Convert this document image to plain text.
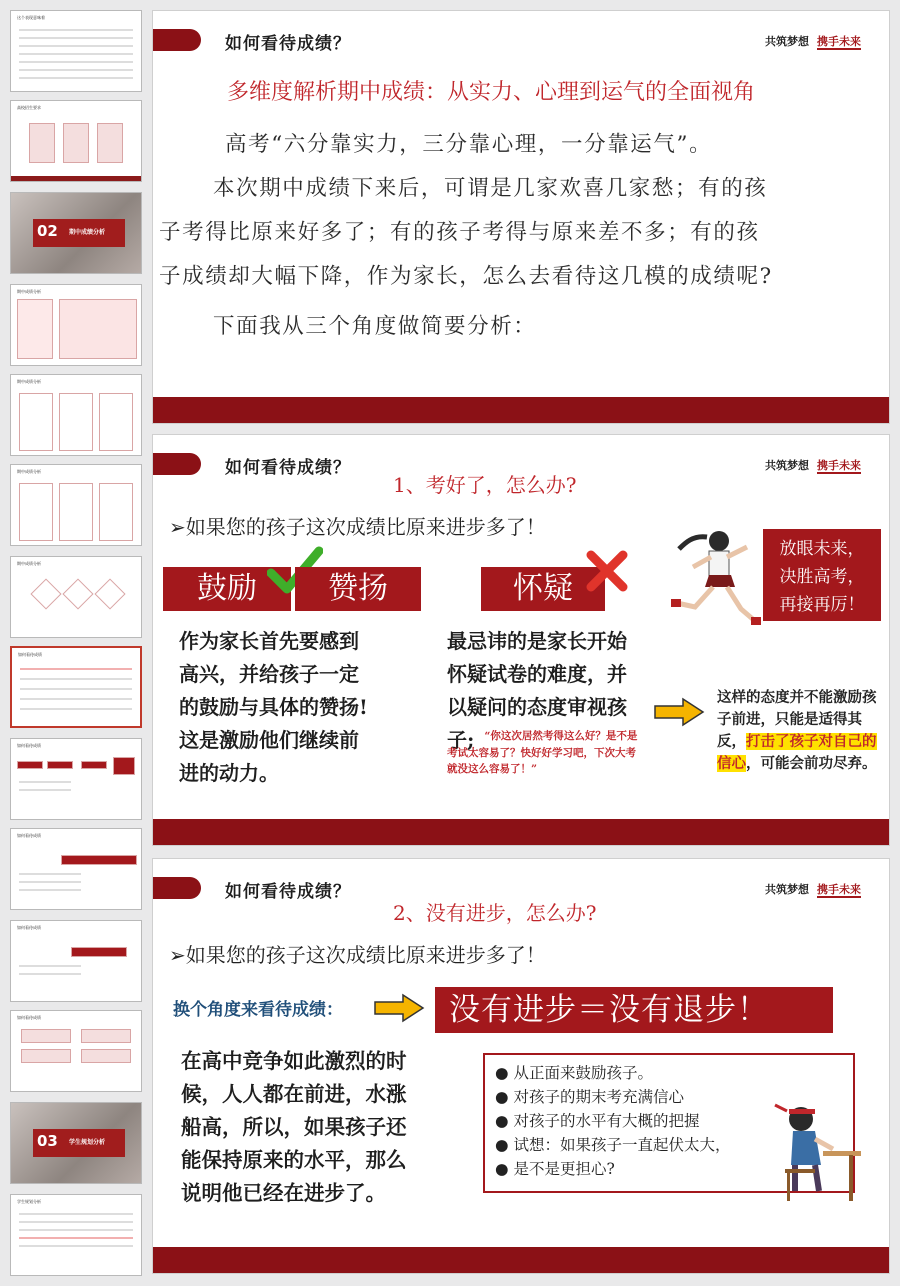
这个表现意味着
高校招生要求
02 期中成绩分析
期中成绩分析
期中成绩分析
期中成绩分析
期中成绩分析
如何看待成绩
如何看待成绩
如何看待成绩
如何看待成绩
如何看待成绩
03 学生规划分析
学生规划分析
如何看待成绩？	共筑梦想 携手未来
多维度解析期中成绩：从实力、心理到运气的全面视角
高考“六分靠实力，三分靠心理，一分靠运气”。
本次期中成绩下来后，可谓是几家欢喜几家愁；有的孩
子考得比原来好多了；有的孩子考得与原来差不多；有的孩
子成绩却大幅下降，作为家长，怎么去看待这几模的成绩呢?
下面我从三个角度做简要分析：
如何看待成绩？	共筑梦想 携手未来
1、考好了，怎么办?
➢如果您的孩子这次成绩比原来进步多了！
鼓励	赞扬	怀疑
作为家长首先要感到
高兴，并给孩子一定
的鼓励与具体的赞扬!
这是激励他们继续前
进的动力。
最忌讳的是家长开始
怀疑试卷的难度，并
以疑问的态度审视孩
子; “你这次居然考得这么好？是不是
考试太容易了？快好好学习吧，下次大考
就没这么容易了！”
这样的态度并不能激励孩子前进，只能是适得其反，打击了孩子对自己的信心，可能会前功尽弃。
放眼未来，
决胜高考，
再接再厉！
如何看待成绩？	共筑梦想 携手未来
2、没有进步，怎么办?
➢如果您的孩子这次成绩比原来进步多了！
换个角度来看待成绩：	没有进步＝没有退步！
在高中竞争如此激烈的时
候，人人都在前进，水涨
船高，所以，如果孩子还
能保持原来的水平，那么
说明他已经在进步了。
● 从正面来鼓励孩子。
● 对孩子的期末考充满信心
● 对孩子的水平有大概的把握
● 试想：如果孩子一直起伏太大，
● 是不是更担心?
